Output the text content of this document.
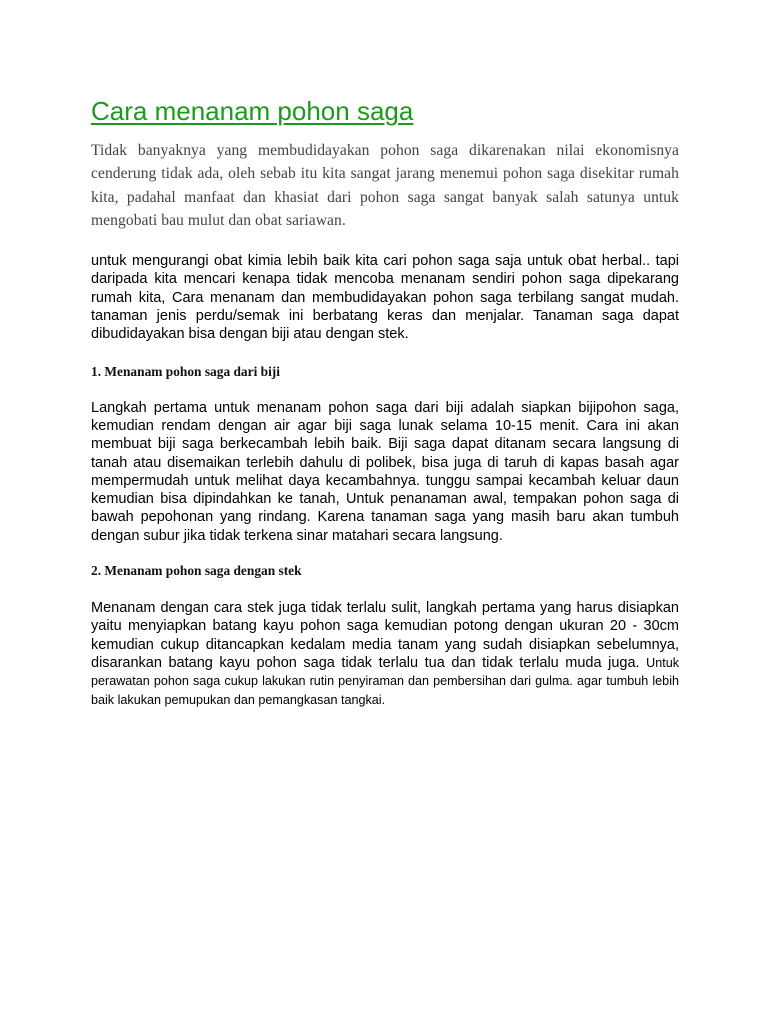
Cara menanam pohon saga

Tidak banyaknya yang membudidayakan pohon saga dikarenakan nilai ekonomisnya cenderung tidak ada, oleh sebab itu kita sangat jarang menemui pohon saga disekitar rumah kita, padahal manfaat dan khasiat dari pohon saga sangat banyak salah satunya untuk mengobati bau mulut dan obat sariawan.

untuk mengurangi obat kimia lebih baik kita cari pohon saga saja untuk obat herbal.. tapi daripada kita mencari kenapa tidak mencoba menanam sendiri pohon saga dipekarang rumah kita, Cara menanam dan membudidayakan pohon saga terbilang sangat mudah. tanaman jenis perdu/semak ini berbatang keras dan menjalar. Tanaman saga dapat dibudidayakan bisa dengan biji atau dengan stek.

1. Menanam pohon saga dari biji

Langkah pertama untuk menanam pohon saga dari biji adalah siapkan bijipohon saga, kemudian rendam dengan air agar biji saga lunak selama 10-15 menit. Cara ini akan membuat biji saga berkecambah lebih baik. Biji saga dapat ditanam secara langsung di tanah atau disemaikan terlebih dahulu di polibek, bisa juga di taruh di kapas basah agar mempermudah untuk melihat daya kecambahnya. tunggu sampai kecambah keluar daun kemudian bisa dipindahkan ke tanah, Untuk penanaman awal, tempakan pohon saga di bawah pepohonan yang rindang. Karena tanaman saga yang masih baru akan tumbuh dengan subur jika tidak terkena sinar matahari secara langsung.

2. Menanam pohon saga dengan stek

Menanam dengan cara stek juga tidak terlalu sulit, langkah pertama yang harus disiapkan yaitu menyiapkan batang kayu pohon saga kemudian potong dengan ukuran 20 - 30cm kemudian cukup ditancapkan kedalam media tanam yang sudah disiapkan sebelumnya, disarankan batang kayu pohon saga tidak terlalu tua dan tidak terlalu muda juga. Untuk perawatan pohon saga cukup lakukan rutin penyiraman dan pembersihan dari gulma. agar tumbuh lebih baik lakukan pemupukan dan pemangkasan tangkai.
